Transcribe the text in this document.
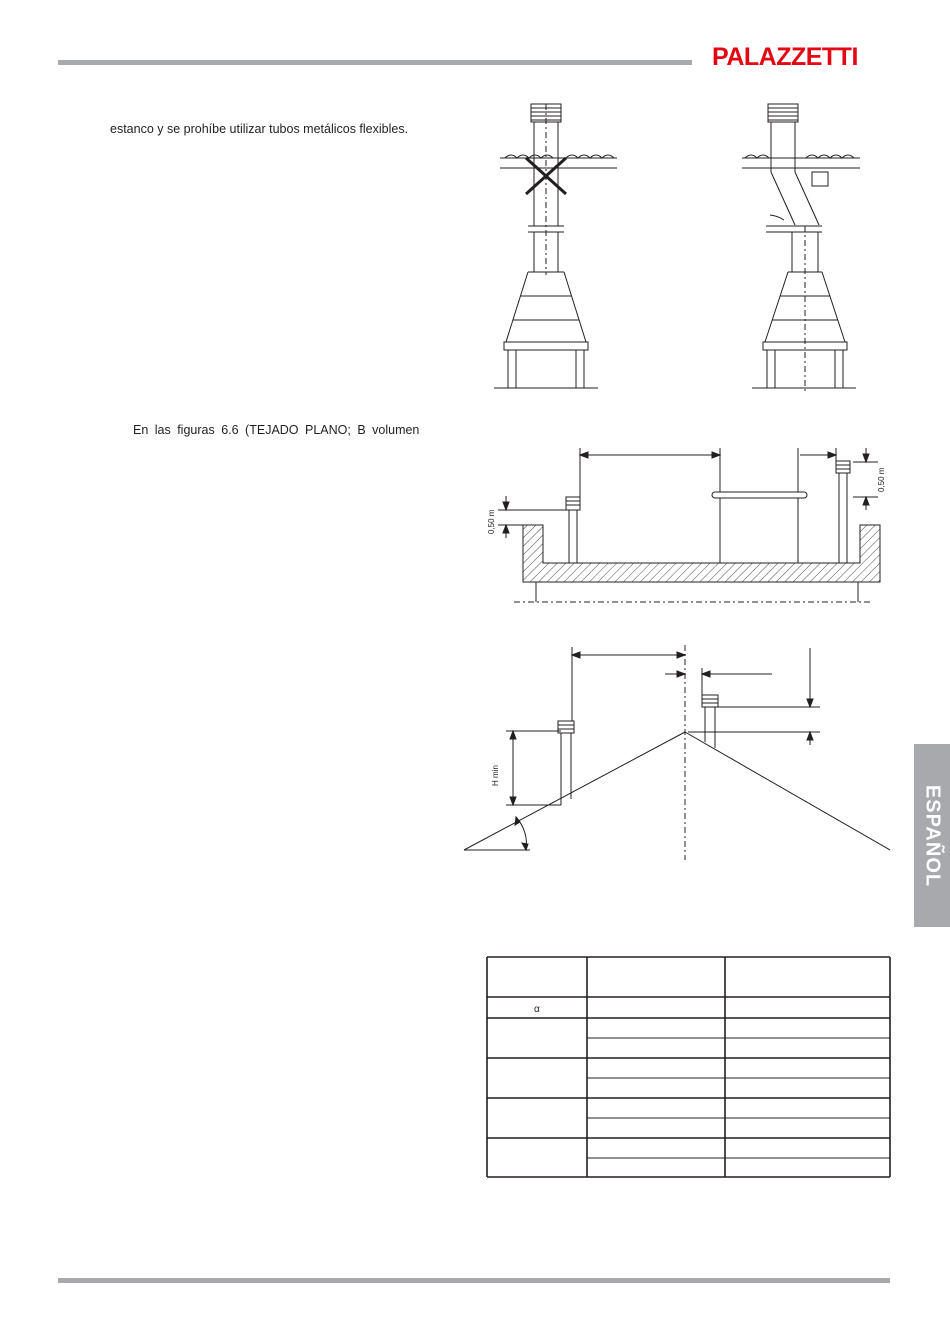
PALAZZETTI
estanco y se prohíbe utilizar tubos metálicos flexibles.
En las figuras 6.6 (TEJADO PLANO; B volumen
ESPAÑOL
0,50 m
0,50 m
H min
α
